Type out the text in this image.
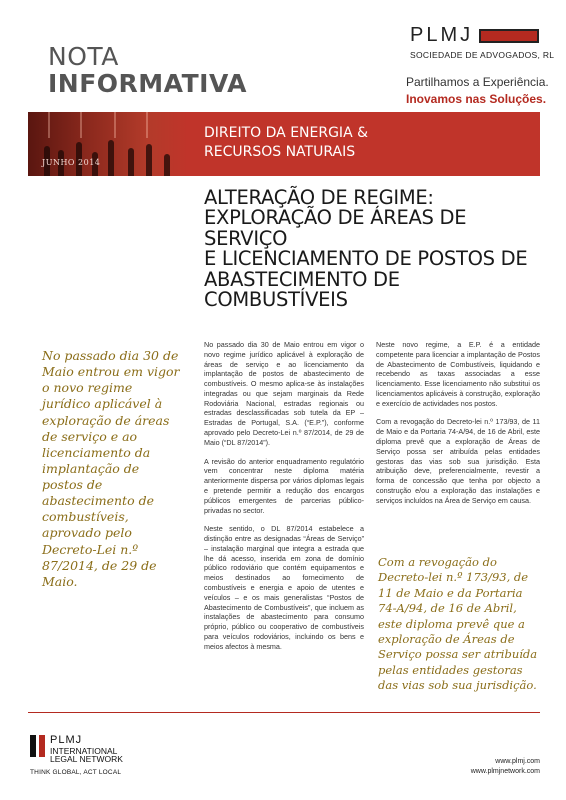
NOTA
INFORMATIVA
PLMJ
SOCIEDADE DE ADVOGADOS, RL
Partilhamos a Experiência.
Inovamos nas Soluções.
JUNHO 2014
DIREITO DA ENERGIA &
RECURSOS NATURAIS
ALTERAÇÃO DE REGIME:
EXPLORAÇÃO DE ÁREAS DE SERVIÇO
E LICENCIAMENTO DE POSTOS DE
ABASTECIMENTO DE COMBUSTÍVEIS
No passado dia 30 de Maio entrou em vigor o novo regime jurídico aplicável à exploração de áreas de serviço e ao licenciamento da implantação de postos de abastecimento de combustíveis, aprovado pelo Decreto-Lei n.º 87/2014, de 29 de Maio.

No passado dia 30 de Maio entrou em vigor o novo regime jurídico aplicável à exploração de áreas de serviço e ao licenciamento da implantação de postos de abastecimento de combustíveis. O mesmo aplica-se às instalações integradas ou que sejam marginais da Rede Rodoviária Nacional, estradas regionais ou estradas desclassificadas sob tutela da EP – Estradas de Portugal, S.A. (“E.P.”), conforme aprovado pelo Decreto-Lei n.º 87/2014, de 29 de Maio (“DL 87/2014”).

A revisão do anterior enquadramento regulatório vem concentrar neste diploma matéria anteriormente dispersa por vários diplomas legais e pretende permitir a redução dos encargos públicos emergentes de parcerias público-privadas no sector.

Neste sentido, o DL 87/2014 estabelece a distinção entre as designadas “Áreas de Serviço” – instalação marginal que integra a estrada que lhe dá acesso, inserida em zona de domínio público rodoviário que contém equipamentos e meios destinados ao fornecimento de combustíveis e energia e apoio de utentes e veículos – e os mais generalistas “Postos de Abastecimento de Combustíveis”, que incluem as instalações de abastecimento para consumo próprio, público ou cooperativo de combustíveis para veículos rodoviários, incluindo os bens e meios afectos à mesma.

Neste novo regime, a E.P. é a entidade competente para licenciar a implantação de Postos de Abastecimento de Combustíveis, liquidando e recebendo as taxas associadas a esse licenciamento. Esse licenciamento não substitui os licenciamentos aplicáveis à construção, exploração e exercício de actividades nos postos.

Com a revogação do Decreto-lei n.º 173/93, de 11 de Maio e da Portaria 74-A/94, de 16 de Abril, este diploma prevê que a exploração de Áreas de Serviço possa ser atribuída pelas entidades gestoras das vias sob sua jurisdição. Esta atribuição deve, preferencialmente, revestir a forma de concessão que tenha por objecto a construção e/ou a exploração das instalações e serviços incluídos na Área de Serviço em causa.

Com a revogação do Decreto-lei n.º 173/93, de 11 de Maio e da Portaria 74-A/94, de 16 de Abril, este diploma prevê que a exploração de Áreas de Serviço possa ser atribuída pelas entidades gestoras das vias sob sua jurisdição.
PLMJ
INTERNATIONAL
LEGAL NETWORK
THINK GLOBAL, ACT LOCAL
www.plmj.com
www.plmjnetwork.com
